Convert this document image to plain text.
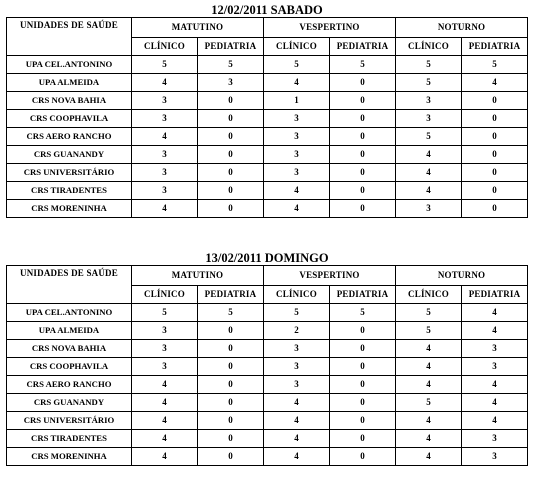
12/02/2011 SABADO
UNIDADES DE SAÚDE	MATUTINO		VESPERTINO		NOTURNO	
	CLÍNICO	PEDIATRIA	CLÍNICO	PEDIATRIA	CLÍNICO	PEDIATRIA
UPA CEL.ANTONINO	5	5	5	5	5	5
UPA ALMEIDA	4	3	4	0	5	4
CRS NOVA BAHIA	3	0	1	0	3	0
CRS COOPHAVILA	3	0	3	0	3	0
CRS AERO RANCHO	4	0	3	0	5	0
CRS GUANANDY	3	0	3	0	4	0
CRS UNIVERSITÁRIO	3	0	3	0	4	0
CRS TIRADENTES	3	0	4	0	4	0
CRS MORENINHA	4	0	4	0	3	0
13/02/2011 DOMINGO
UNIDADES DE SAÚDE	MATUTINO		VESPERTINO		NOTURNO	
	CLÍNICO	PEDIATRIA	CLÍNICO	PEDIATRIA	CLÍNICO	PEDIATRIA
UPA CEL.ANTONINO	5	5	5	5	5	4
UPA ALMEIDA	3	0	2	0	5	4
CRS NOVA BAHIA	3	0	3	0	4	3
CRS COOPHAVILA	3	0	3	0	4	3
CRS AERO RANCHO	4	0	3	0	4	4
CRS GUANANDY	4	0	4	0	5	4
CRS UNIVERSITÁRIO	4	0	4	0	4	4
CRS TIRADENTES	4	0	4	0	4	3
CRS MORENINHA	4	0	4	0	4	3
